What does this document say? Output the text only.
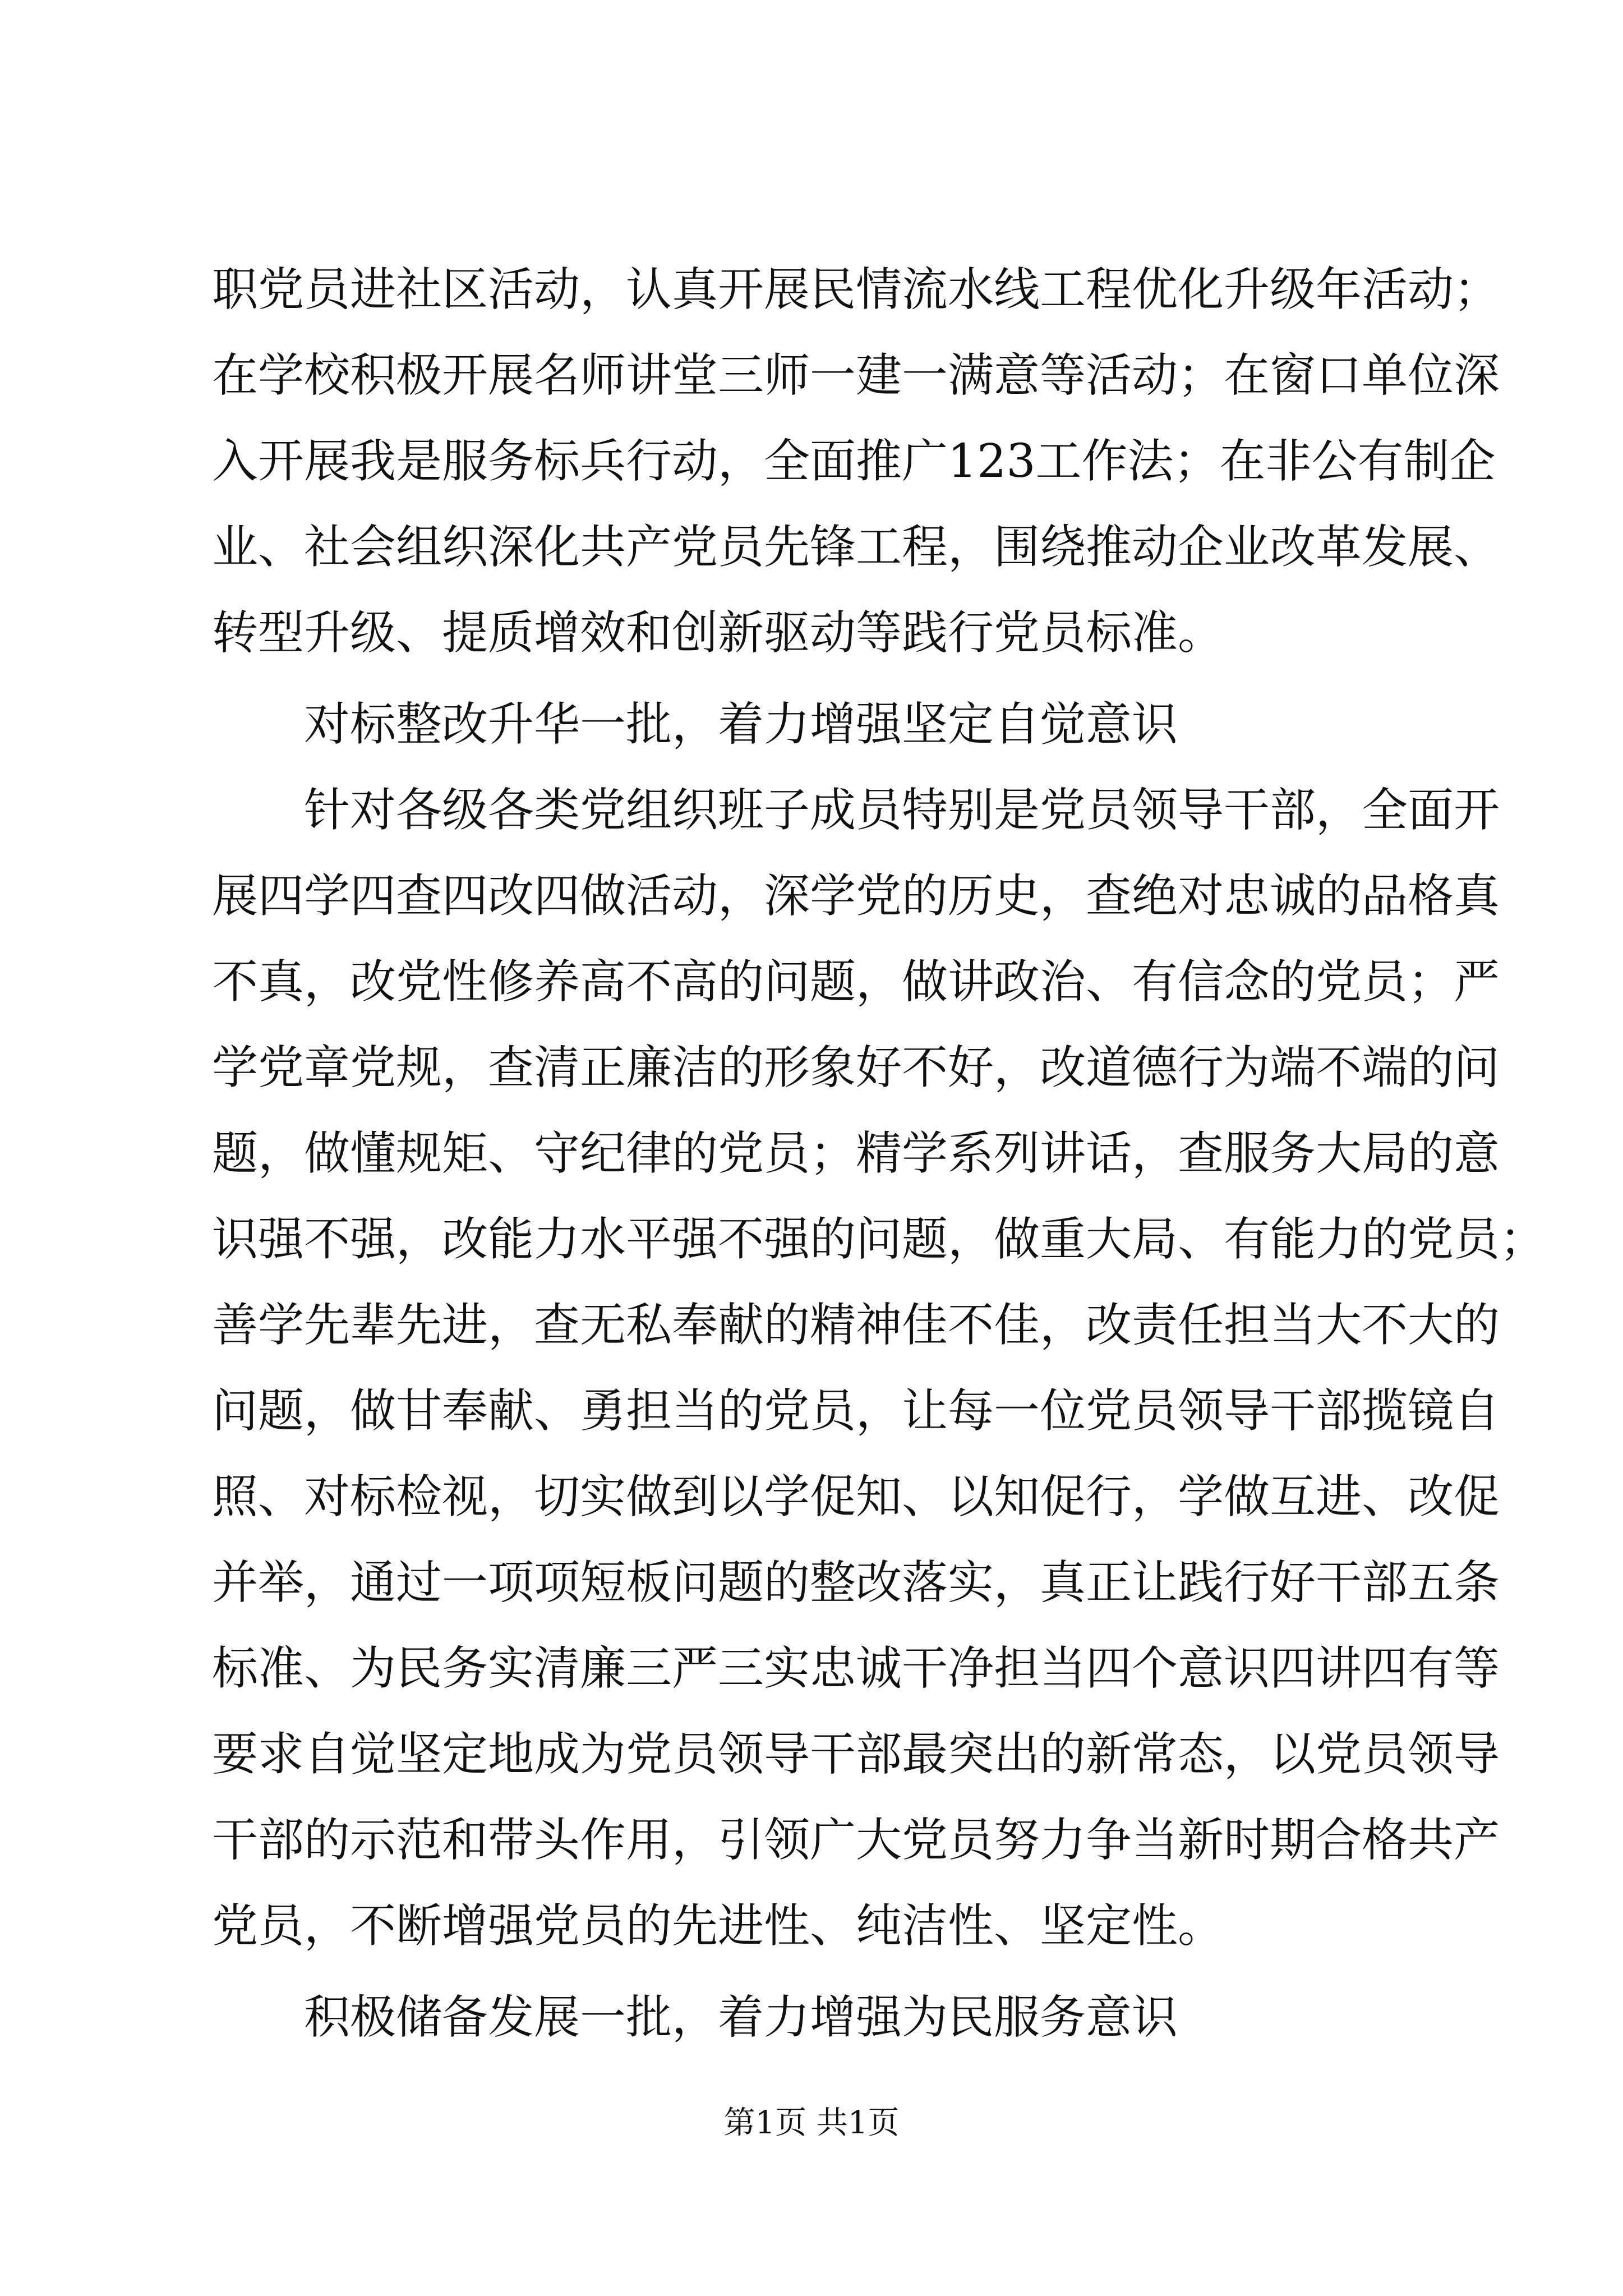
职党员进社区活动，认真开展民情流水线工程优化升级年活动；
在学校积极开展名师讲堂三师一建一满意等活动；在窗口单位深
入开展我是服务标兵行动，全面推广123工作法；在非公有制企
业、社会组织深化共产党员先锋工程，围绕推动企业改革发展、
转型升级、提质增效和创新驱动等践行党员标准。
对标整改升华一批，着力增强坚定自觉意识
针对各级各类党组织班子成员特别是党员领导干部，全面开
展四学四查四改四做活动，深学党的历史，查绝对忠诚的品格真
不真，改党性修养高不高的问题，做讲政治、有信念的党员；严
学党章党规，查清正廉洁的形象好不好，改道德行为端不端的问
题，做懂规矩、守纪律的党员；精学系列讲话，查服务大局的意
识强不强，改能力水平强不强的问题，做重大局、有能力的党员；
善学先辈先进，查无私奉献的精神佳不佳，改责任担当大不大的
问题，做甘奉献、勇担当的党员，让每一位党员领导干部揽镜自
照、对标检视，切实做到以学促知、以知促行，学做互进、改促
并举，通过一项项短板问题的整改落实，真正让践行好干部五条
标准、为民务实清廉三严三实忠诚干净担当四个意识四讲四有等
要求自觉坚定地成为党员领导干部最突出的新常态，以党员领导
干部的示范和带头作用，引领广大党员努力争当新时期合格共产
党员，不断增强党员的先进性、纯洁性、坚定性。
积极储备发展一批，着力增强为民服务意识
第1页 共1页
